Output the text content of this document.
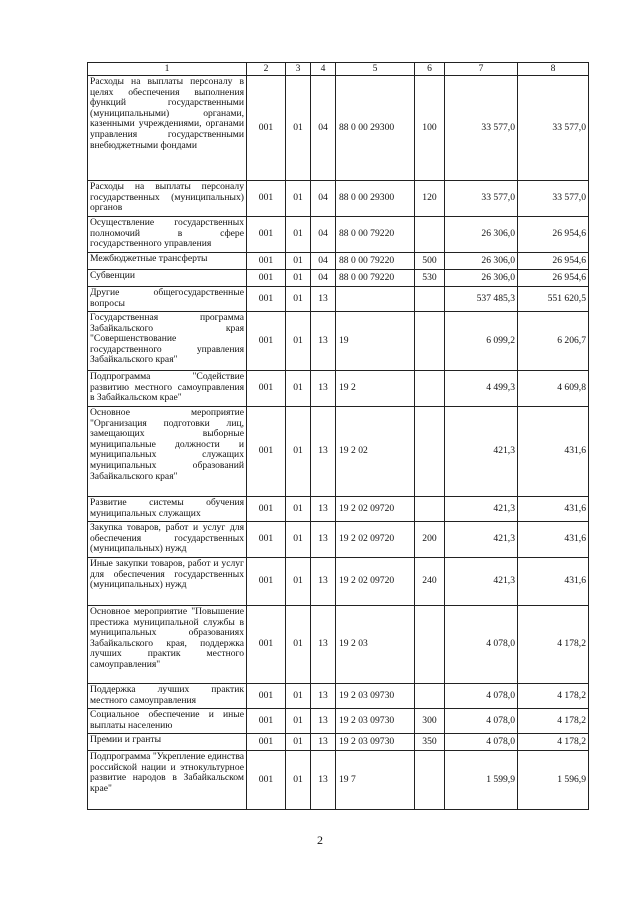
1	2	3	4	5	6	7	8
Расходы на выплаты персоналу в целях обеспечения выполнения функций государственными (муниципальными) органами, казенными учреждениями, органами управления государственными внебюджетными фондами	001	01	04	88 0 00 29300	100	33 577,0	33 577,0
Расходы на выплаты персоналу государственных (муниципальных) органов	001	01	04	88 0 00 29300	120	33 577,0	33 577,0
Осуществление государственных полномочий в сфере государственного управления	001	01	04	88 0 00 79220		26 306,0	26 954,6
Межбюджетные трансферты	001	01	04	88 0 00 79220	500	26 306,0	26 954,6
Субвенции	001	01	04	88 0 00 79220	530	26 306,0	26 954,6
Другие общегосударственные вопросы	001	01	13			537 485,3	551 620,5
Государственная программа Забайкальского края "Совершенствование государственного управления Забайкальского края"	001	01	13	19		6 099,2	6 206,7
Подпрограмма "Содействие развитию местного самоуправления в Забайкальском крае"	001	01	13	19 2		4 499,3	4 609,8
Основное мероприятие "Организация подготовки лиц, замещающих выборные муниципальные должности и муниципальных служащих муниципальных образований Забайкальского края"	001	01	13	19 2 02		421,3	431,6
Развитие системы обучения муниципальных служащих	001	01	13	19 2 02 09720		421,3	431,6
Закупка товаров, работ и услуг для обеспечения государственных (муниципальных) нужд	001	01	13	19 2 02 09720	200	421,3	431,6
Иные закупки товаров, работ и услуг для обеспечения государственных (муниципальных) нужд	001	01	13	19 2 02 09720	240	421,3	431,6
Основное мероприятие "Повышение престижа муниципальной службы в муниципальных образованиях Забайкальского края, поддержка лучших практик местного самоуправления"	001	01	13	19 2 03		4 078,0	4 178,2
Поддержка лучших практик местного самоуправления	001	01	13	19 2 03 09730		4 078,0	4 178,2
Социальное обеспечение и иные выплаты населению	001	01	13	19 2 03 09730	300	4 078,0	4 178,2
Премии и гранты	001	01	13	19 2 03 09730	350	4 078,0	4 178,2
Подпрограмма "Укрепление единства российской нации и этнокультурное развитие народов в Забайкальском крае"	001	01	13	19 7		1 599,9	1 596,9
2
